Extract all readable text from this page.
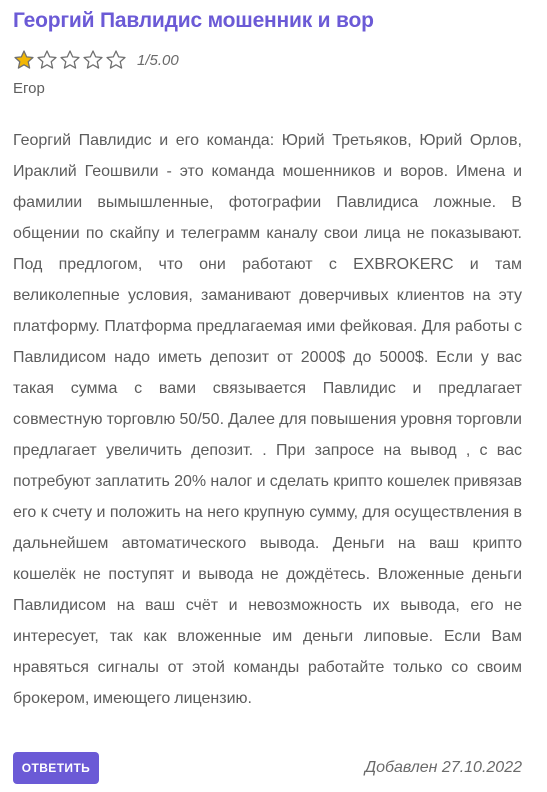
Георгий Павлидис мошенник и вор
1/5.00
Егор

Георгий Павлидис и его команда: Юрий Третьяков, Юрий Орлов, Ираклий Геошвили - это команда мошенников и воров. Имена и фамилии вымышленные, фотографии Павлидиса ложные. В общении по скайпу и телеграмм каналу свои лица не показывают. Под предлогом, что они работают с EXBROKERC и там великолепные условия, заманивают доверчивых клиентов на эту платформу. Платформа предлагаемая ими фейковая. Для работы с Павлидисом надо иметь депозит от 2000$ до 5000$. Если у вас такая сумма с вами связывается Павлидис и предлагает совместную торговлю 50/50. Далее для повышения уровня торговли предлагает увеличить депозит. . При запросе на вывод , с вас потребуют заплатить 20% налог и сделать крипто кошелек привязав его к счету и положить на него крупную сумму, для осуществления в дальнейшем автоматического вывода. Деньги на ваш крипто кошелёк не поступят и вывода не дождётесь. Вложенные деньги Павлидисом на ваш счёт и невозможность их вывода, его не интересует, так как вложенные им деньги липовые. Если Вам нравяться сигналы от этой команды работайте только со своим брокером, имеющего лицензию.

ОТВЕТИТЬ	Добавлен 27.10.2022
